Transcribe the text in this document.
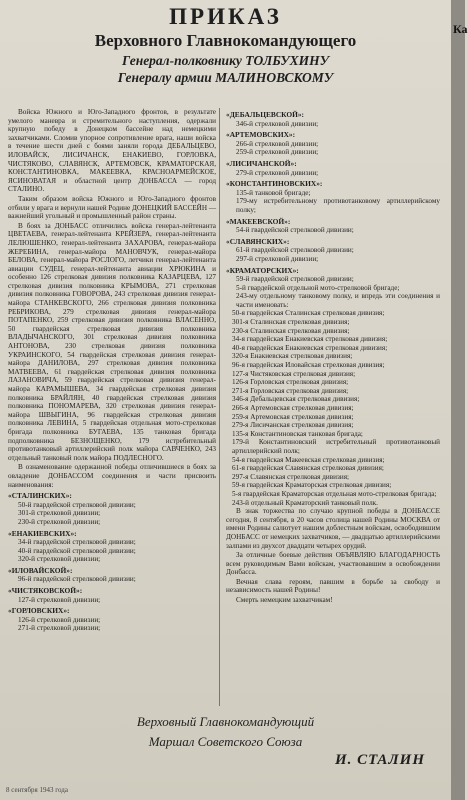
Ка
ПРИКАЗ
Верховного Главнокомандующего
Генерал-полковнику ТОЛБУХИНУ
Генералу армии МАЛИНОВСКОМУ

Войска Южного и Юго-Западного фронтов, в результате умелого маневра и стремительного наступления, одержали крупную победу в Донецком бассейне над немецкими захватчиками. Сломив упорное сопротивление врага, наши войска в течение шести дней с боями заняли города ДЕБАЛЬЦЕВО, ИЛОВАЙСК, ЛИСИЧАНСК, ЕНАКИЕВО, ГОРЛОВКА, ЧИСТЯКОВО, СЛАВЯНСК, АРТЕМОВСК, КРАМАТОРСКАЯ, КОНСТАНТИНОВКА, МАКЕЕВКА, КРАСНОАРМЕЙСКОЕ, ЯСИНОВАТАЯ и областной центр ДОНБАССА — город СТАЛИНО.

Таким образом войска Южного и Юго-Западного фронтов отбили у врага и вернули нашей Родине ДОНЕЦКИЙ БАССЕЙН — важнейший угольный и промышленный район страны.

В боях за ДОНБАСС отличились войска генерал-лейтенанта ЦВЕТАЕВА, генерал-лейтенанта КРЕЙЗЕРА, генерал-лейтенанта ЛЕЛЮШЕНКО, генерал-лейтенанта ЗАХАРОВА, генерал-майора ЖЕРЕБИНА, генерал-майора МАНОВЧУК, генерал-майора БЕЛОВА, генерал-майора РОСЛОГО, летчики генерал-лейтенанта авиации СУДЕЦ, генерал-лейтенанта авиации ХРЮКИНА и особенно 126 стрелковая дивизия полковника КАЗАРЦЕВА, 127 стрелковая дивизия полковника КРЫМОВА, 271 стрелковая дивизия полковника ГОВОРОВА, 243 стрелковая дивизия генерал-майора СТАНКЕВСКОГО, 266 стрелковая дивизия полковника РЕБРИКОВА, 279 стрелковая дивизия генерал-майора ПОТАПЕНКО, 259 стрелковая дивизия полковника ВЛАСЕННО, 50 гвардейская стрелковая дивизия полковника ВЛАДЫЧАНСКОГО, 301 стрелковая дивизия полковника АНТОНОВА, 230 стрелковая дивизия полковника УКРАИНСКОГО, 54 гвардейская стрелковая дивизия генерал-майора ДАНИЛОВА, 297 стрелковая дивизия полковника МАТВЕЕВА, 61 гвардейская стрелковая дивизия полковника ЛАЗАНОВИЧА, 59 гвардейская стрелковая дивизия генерал-майора КАРАМЫШЕВА, 34 гвардейская стрелковая дивизия полковника БРАЙЛЯН, 40 гвардейская стрелковая дивизия полковника ПОНОМАРЕВА, 320 стрелковая дивизия генерал-майора ШВЫГИНА, 96 гвардейская стрелковая дивизия полковника ЛЕВИНА, 5 гвардейская отдельная мото-стрелковая бригада полковника БУГАЕВА, 135 танковая бригада подполковника БЕЗНОЩЕНКО, 179 истребительный противотанковый артиллерийский полк майора САВЧЕНКО, 243 отдельный танковый полк майора ПОДЛЕСНОГО.

В ознаменование одержанной победы отличившиеся в боях за овладение ДОНБАССОМ соединения и части присвоить наименования:

«СТАЛИНСКИХ»:

50-й гвардейской стрелковой дивизии;

301-й стрелковой дивизии;

230-й стрелковой дивизии;

«ЕНАКИЕВСКИХ»:

34-й гвардейской стрелковой дивизии;

40-й гвардейской стрелковой дивизии;

320-й стрелковой дивизии;

«ИЛОВАЙСКОЙ»:

96-й гвардейской стрелковой дивизии;

«ЧИСТЯКОВСКОЙ»:

127-й стрелковой дивизии;

«ГОРЛОВСКИХ»:

126-й стрелковой дивизии;

271-й стрелковой дивизии;

«ДЕБАЛЬЦЕВСКОЙ»:

346-й стрелковой дивизии;

«АРТЕМОВСКИХ»:

266-й стрелковой дивизии;

259-й стрелковой дивизии;

«ЛИСИЧАНСКОЙ»:

279-й стрелковой дивизии;

«КОНСТАНТИНОВСКИХ»:

135-й танковой бригаде;

179-му истребительному противотанковому артиллерийскому полку;

«МАКЕЕВСКОЙ»:

54-й гвардейской стрелковой дивизии;

«СЛАВЯНСКИХ»:

61-й гвардейской стрелковой дивизии;

297-й стрелковой дивизии;

«КРАМАТОРСКИХ»:

59-й гвардейской стрелковой дивизии;

5-й гвардейской отдельной мото-стрелковой бригаде;

243-му отдельному танковому полку, и впредь эти соединения и части именовать:

50-я гвардейская Сталинская стрелковая дивизия;

301-я Сталинская стрелковая дивизия;

230-я Сталинская стрелковая дивизия;

34-я гвардейская Енакиевская стрелковая дивизия;

40-я гвардейская Енакиевская стрелковая дивизия;

320-я Енакиевская стрелковая дивизия;

96-я гвардейская Иловайская стрелковая дивизия;

127-я Чистяковская стрелковая дивизия;

126-я Горловская стрелковая дивизия;

271-я Горловская стрелковая дивизия;

346-я Дебальцевская стрелковая дивизия;

266-я Артемовская стрелковая дивизия;

259-я Артемовская стрелковая дивизия;

279-я Лисичанская стрелковая дивизия;

135-я Константиновская танковая бригада;

179-й Константиновский истребительный противотанковый артиллерийский полк;

54-я гвардейская Макеевская стрелковая дивизия;

61-я гвардейская Славянская стрелковая дивизия;

297-я Славянская стрелковая дивизия;

59-я гвардейская Краматорская стрелковая дивизия;

5-я гвардейская Краматорская отдельная мото-стрелковая бригада;

243-й отдельный Краматорский танковый полк.

В знак торжества по случаю крупной победы в ДОНБАССЕ сегодня, 8 сентября, в 20 часов столица нашей Родины МОСКВА от имени Родины салютует нашим доблестным войскам, освободившим ДОНБАСС от немецких захватчиков, — двадцатью артиллерийскими залпами из двухсот двадцати четырех орудий.

За отличные боевые действия ОБЪЯВЛЯЮ БЛАГОДАРНОСТЬ всем руководимым Вами войскам, участвовавшим в освобождении Донбасса.

Вечная слава героям, павшим в борьбе за свободу и независимость нашей Родины!

Смерть немецким захватчикам!

Верховный Главнокомандующий
Маршал Советского Союза
И. СТАЛИН
8 сентября 1943 года
